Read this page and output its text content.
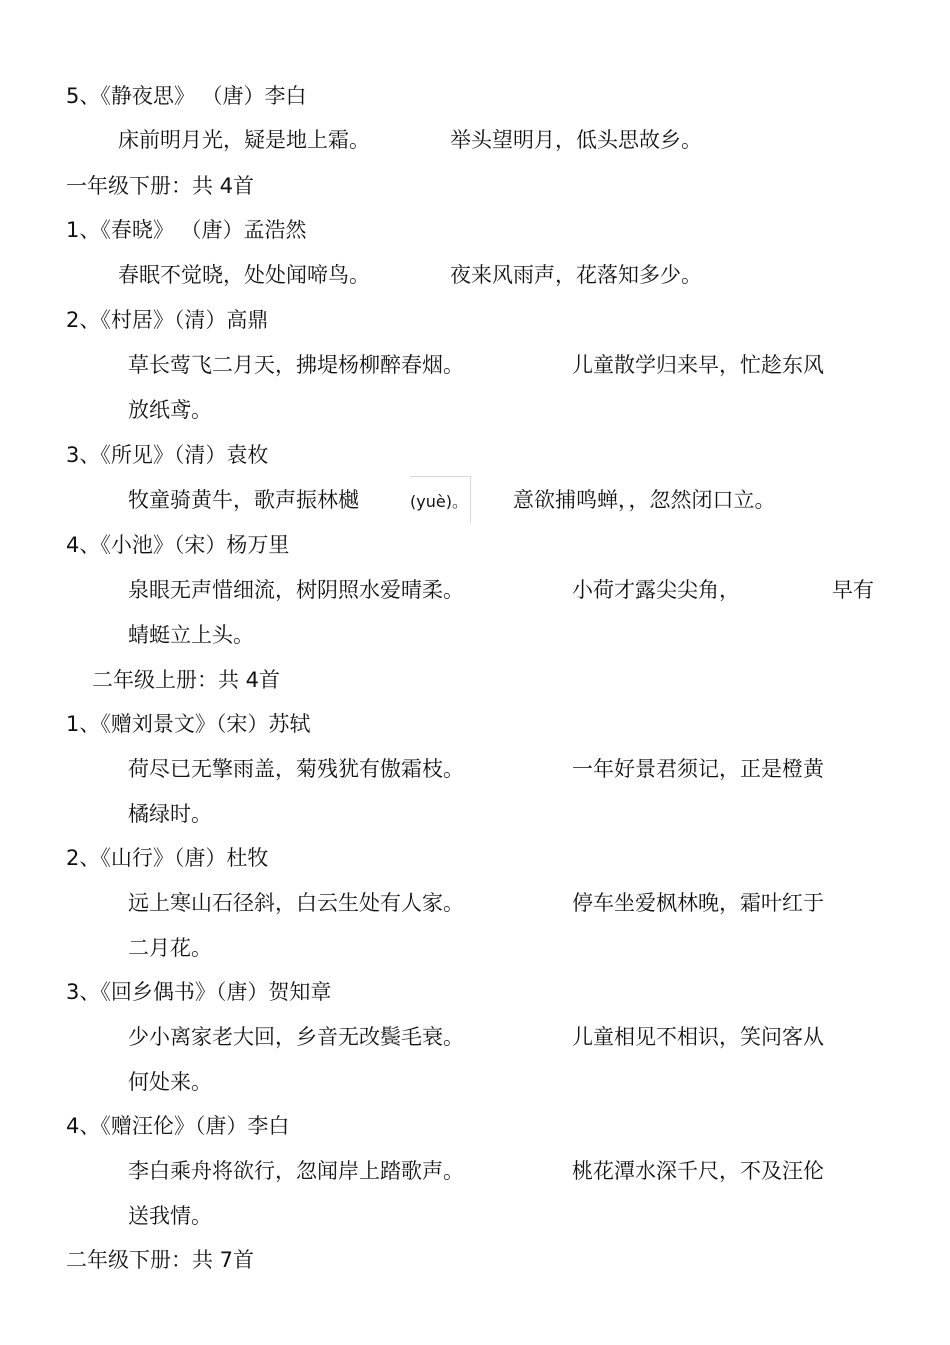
5、《静夜思》 （唐）李白
床前明月光，疑是地上霜。	举头望明月，低头思故乡。
一年级下册：共 4首
1、《春晓》 （唐）孟浩然
春眠不觉晓，处处闻啼鸟。	夜来风雨声，花落知多少。
2、《村居》（清）高鼎
草长莺飞二月天，拂堤杨柳醉春烟。	儿童散学归来早，忙趁东风
放纸鸢。
3、《所见》（清）袁枚
牧童骑黄牛，歌声振林樾	(yuè)。 意欲捕鸣蝉，，忽然闭口立。
4、《小池》（宋）杨万里
泉眼无声惜细流，树阴照水爱晴柔。	小荷才露尖尖角，	早有
蜻蜓立上头。
二年级上册：共 4首
1、《赠刘景文》（宋）苏轼
荷尽已无擎雨盖，菊残犹有傲霜枝。	一年好景君须记，正是橙黄
橘绿时。
2、《山行》（唐）杜牧
远上寒山石径斜，白云生处有人家。	停车坐爱枫林晚，霜叶红于
二月花。
3、《回乡偶书》（唐）贺知章
少小离家老大回，乡音无改鬓毛衰。	儿童相见不相识，笑问客从
何处来。
4、《赠汪伦》（唐）李白
李白乘舟将欲行，忽闻岸上踏歌声。	桃花潭水深千尺，不及汪伦
送我情。
二年级下册：共 7首
